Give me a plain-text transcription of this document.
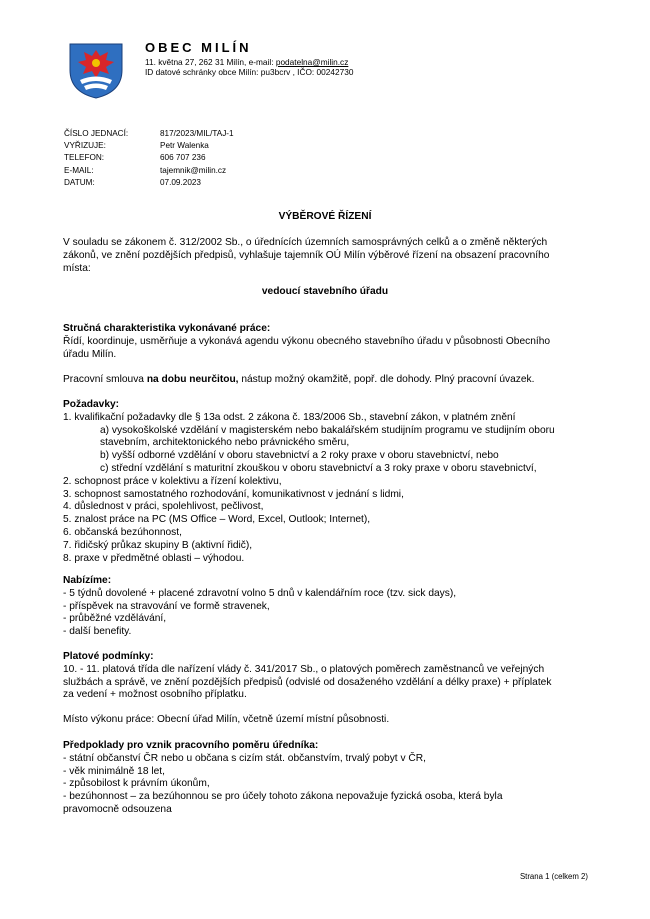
OBEC MILÍN
11. května 27, 262 31 Milín, e-mail: podatelna@milin.cz
ID datové schránky obce Milín: pu3bcrv , IČO: 00242730
ČÍSLO JEDNACÍ:	817/2023/MIL/TAJ-1
VYŘIZUJE:	Petr Walenka
TELEFON:	606 707 236
E-MAIL:	tajemnik@milin.cz
DATUM:	07.09.2023
VÝBĚROVÉ ŘÍZENÍ
V souladu se zákonem č. 312/2002 Sb., o úřednících územních samosprávných celků a o změně některých
zákonů, ve znění pozdějších předpisů, vyhlašuje tajemník OÚ Milín výběrové řízení na obsazení pracovního
místa:
vedoucí stavebního úřadu
Stručná charakteristika vykonávané práce:
Řídí, koordinuje, usměrňuje a vykonává agendu výkonu obecného stavebního úřadu v působnosti Obecního
úřadu Milín.
Pracovní smlouva na dobu neurčitou, nástup možný okamžitě, popř. dle dohody. Plný pracovní úvazek.
Požadavky:
1. kvalifikační požadavky dle § 13a odst. 2 zákona č. 183/2006 Sb., stavební zákon, v platném znění
a) vysokoškolské vzdělání v magisterském nebo bakalářském studijním programu ve studijním oboru
stavebním, architektonického nebo právnického směru,
b) vyšší odborné vzdělání v oboru stavebnictví a 2 roky praxe v oboru stavebnictví, nebo
c) střední vzdělání s maturitní zkouškou v oboru stavebnictví a 3 roky praxe v oboru stavebnictví,
2. schopnost práce v kolektivu a řízení kolektivu,
3. schopnost samostatného rozhodování, komunikativnost v jednání s lidmi,
4. důslednost v práci, spolehlivost, pečlivost,
5. znalost práce na PC (MS Office – Word, Excel, Outlook; Internet),
6. občanská bezúhonnost,
7. řidičský průkaz skupiny B (aktivní řidič),
8. praxe v předmětné oblasti – výhodou.
Nabízíme:
- 5 týdnů dovolené + placené zdravotní volno 5 dnů v kalendářním roce (tzv. sick days),
- příspěvek na stravování ve formě stravenek,
- průběžné vzdělávání,
- další benefity.
Platové podmínky:
10. - 11. platová třída dle nařízení vlády č. 341/2017 Sb., o platových poměrech zaměstnanců ve veřejných
službách a správě, ve znění pozdějších předpisů (odvislé od dosaženého vzdělání a délky praxe) + příplatek
za vedení + možnost osobního příplatku.
Místo výkonu práce: Obecní úřad Milín, včetně území místní působnosti.
Předpoklady pro vznik pracovního poměru úředníka:
- státní občanství ČR nebo u občana s cizím stát. občanstvím, trvalý pobyt v ČR,
- věk minimálně 18 let,
- způsobilost k právním úkonům,
- bezúhonnost – za bezúhonnou se pro účely tohoto zákona nepovažuje fyzická osoba, která byla
pravomocně odsouzena
Strana 1 (celkem 2)
